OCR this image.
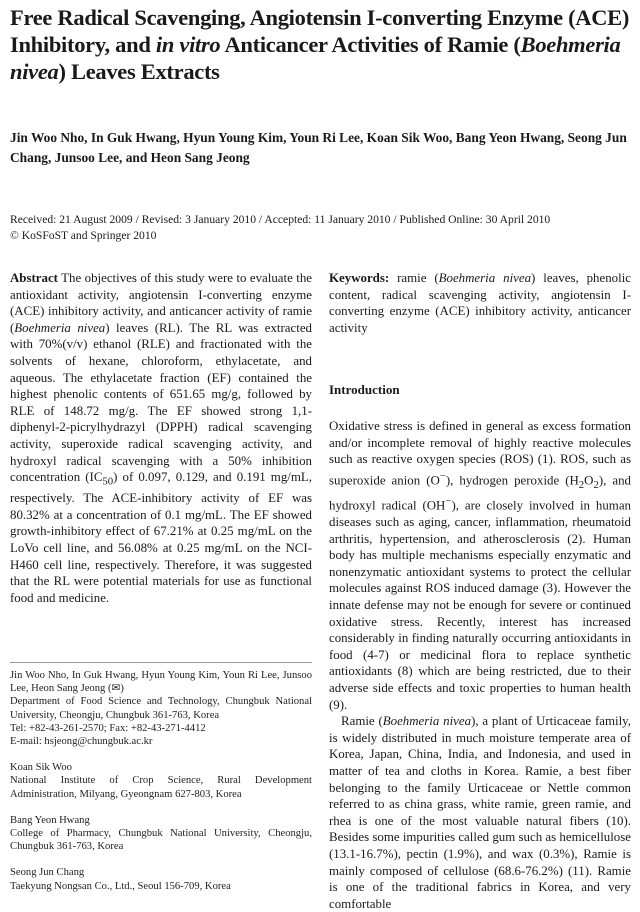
Free Radical Scavenging, Angiotensin I-converting Enzyme (ACE) Inhibitory, and in vitro Anticancer Activities of Ramie (Boehmeria nivea) Leaves Extracts
Jin Woo Nho, In Guk Hwang, Hyun Young Kim, Youn Ri Lee, Koan Sik Woo, Bang Yeon Hwang, Seong Jun Chang, Junsoo Lee, and Heon Sang Jeong
Received: 21 August 2009 / Revised: 3 January 2010 / Accepted: 11 January 2010 / Published Online: 30 April 2010
© KoSFoST and Springer 2010

Abstract The objectives of this study were to evaluate the antioxidant activity, angiotensin I-converting enzyme (ACE) inhibitory activity, and anticancer activity of ramie (Boehmeria nivea) leaves (RL). The RL was extracted with 70%(v/v) ethanol (RLE) and fractionated with the solvents of hexane, chloroform, ethylacetate, and aqueous. The ethylacetate fraction (EF) contained the highest phenolic contents of 651.65 mg/g, followed by RLE of 148.72 mg/g. The EF showed strong 1,1-diphenyl-2-picrylhydrazyl (DPPH) radical scavenging activity, superoxide radical scavenging activity, and hydroxyl radical scavenging with a 50% inhibition concentration $(IC_{50})$ of 0.097, 0.129, and 0.191 mg/mL, respectively. The ACE-inhibitory activity of EF was 80.32% at a concentration of 0.1 mg/mL. The EF showed growth-inhibitory effect of 67.21% at 0.25 mg/mL on the LoVo cell line, and 56.08% at 0.25 mg/mL on the NCI-H460 cell line, respectively. Therefore, it was suggested that the RL were potential materials for use as functional food and medicine.

Jin Woo Nho, In Guk Hwang, Hyun Young Kim, Youn Ri Lee, Junsoo Lee, Heon Sang Jeong (✉)
Department of Food Science and Technology, Chungbuk National University, Cheongju, Chungbuk 361-763, Korea
Tel: +82-43-261-2570; Fax: +82-43-271-4412
E-mail: hsjeong@chungbuk.ac.kr
Koan Sik Woo
National Institute of Crop Science, Rural Development Administration, Milyang, Gyeongnam 627-803, Korea
Bang Yeon Hwang
College of Pharmacy, Chungbuk National University, Cheongju, Chungbuk 361-763, Korea
Seong Jun Chang
Taekyung Nongsan Co., Ltd., Seoul 156-709, Korea

Keywords: ramie (Boehmeria nivea) leaves, phenolic content, radical scavenging activity, angiotensin I-converting enzyme (ACE) inhibitory activity, anticancer activity

Introduction

Oxidative stress is defined in general as excess formation and/or incomplete removal of highly reactive molecules such as reactive oxygen species (ROS) (1). ROS, such as superoxide anion (O−), hydrogen peroxide $(H_2O_2)$, and hydroxyl radical (OH−), are closely involved in human diseases such as aging, cancer, inflammation, rheumatoid arthritis, hypertension, and atherosclerosis (2). Human body has multiple mechanisms especially enzymatic and nonenzymatic antioxidant systems to protect the cellular molecules against ROS induced damage (3). However the innate defense may not be enough for severe or continued oxidative stress. Recently, interest has increased considerably in finding naturally occurring antioxidants in food (4-7) or medicinal flora to replace synthetic antioxidants (8) which are being restricted, due to their adverse side effects and toxic properties to human health (9).

Ramie (Boehmeria nivea), a plant of Urticaceae family, is widely distributed in much moisture temperate area of Korea, Japan, China, India, and Indonesia, and used in matter of tea and cloths in Korea. Ramie, a best fiber belonging to the family Urticaceae or Nettle common referred to as china grass, white ramie, green ramie, and rhea is one of the most valuable natural fibers (10). Besides some impurities called gum such as hemicellulose (13.1-16.7%), pectin (1.9%), and wax (0.3%), Ramie is mainly composed of cellulose (68.6-76.2%) (11). Ramie is one of the traditional fabrics in Korea, and very comfortable
